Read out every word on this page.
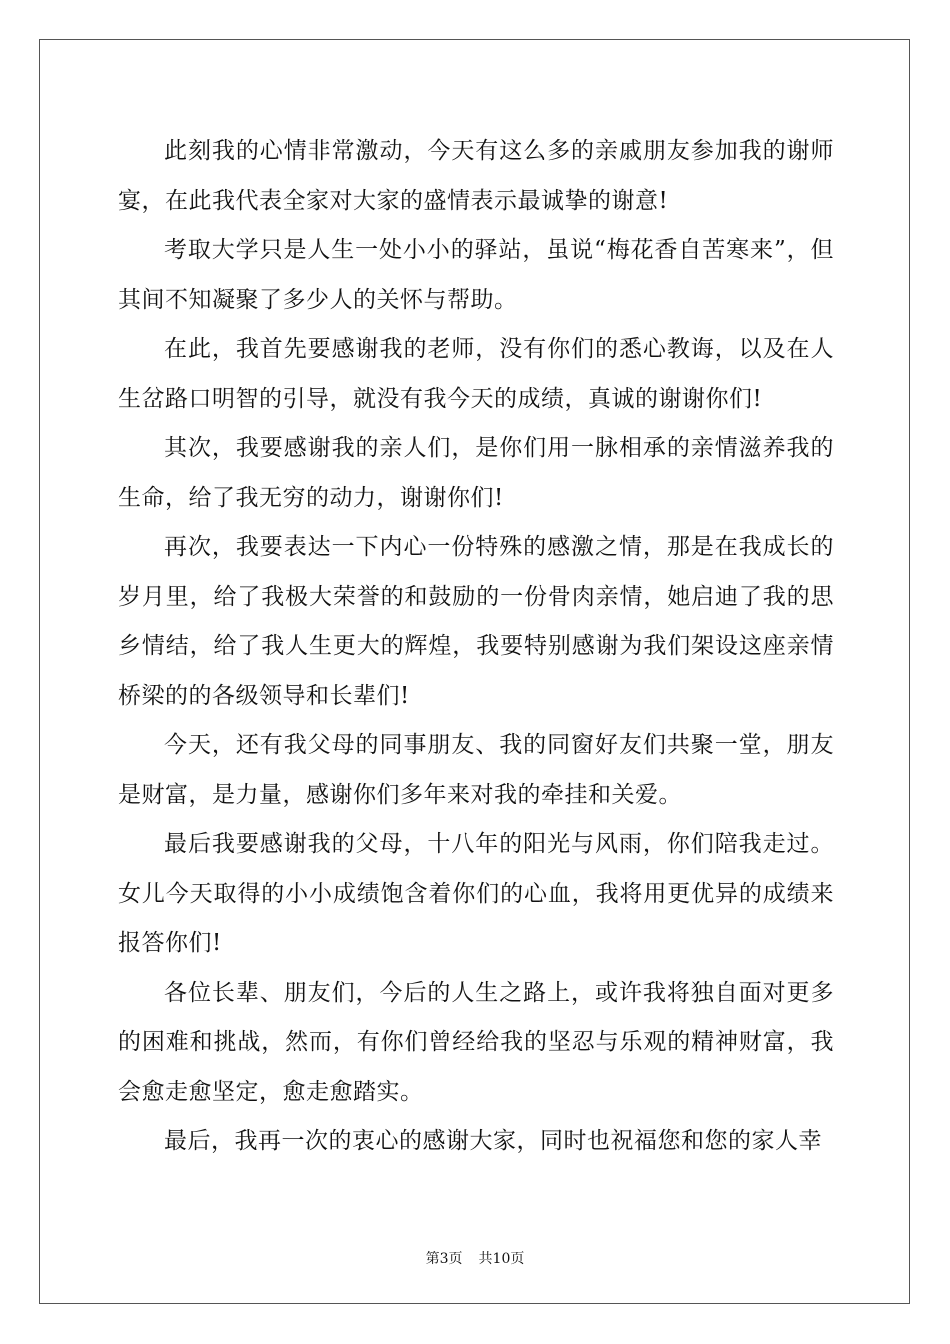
此刻我的心情非常激动，今天有这么多的亲戚朋友参加我的谢师宴，在此我代表全家对大家的盛情表示最诚挚的谢意!

考取大学只是人生一处小小的驿站，虽说“梅花香自苦寒来”，但其间不知凝聚了多少人的关怀与帮助。

在此，我首先要感谢我的老师，没有你们的悉心教诲，以及在人生岔路口明智的引导，就没有我今天的成绩，真诚的谢谢你们!

其次，我要感谢我的亲人们，是你们用一脉相承的亲情滋养我的生命，给了我无穷的动力，谢谢你们!

再次，我要表达一下内心一份特殊的感激之情，那是在我成长的岁月里，给了我极大荣誉的和鼓励的一份骨肉亲情，她启迪了我的思乡情结，给了我人生更大的辉煌，我要特别感谢为我们架设这座亲情桥梁的的各级领导和长辈们!

今天，还有我父母的同事朋友、我的同窗好友们共聚一堂，朋友是财富，是力量，感谢你们多年来对我的牵挂和关爱。

最后我要感谢我的父母，十八年的阳光与风雨，你们陪我走过。女儿今天取得的小小成绩饱含着你们的心血，我将用更优异的成绩来报答你们!

各位长辈、朋友们，今后的人生之路上，或许我将独自面对更多的困难和挑战，然而，有你们曾经给我的坚忍与乐观的精神财富，我会愈走愈坚定，愈走愈踏实。

最后，我再一次的衷心的感谢大家，同时也祝福您和您的家人幸

第3页 共10页
